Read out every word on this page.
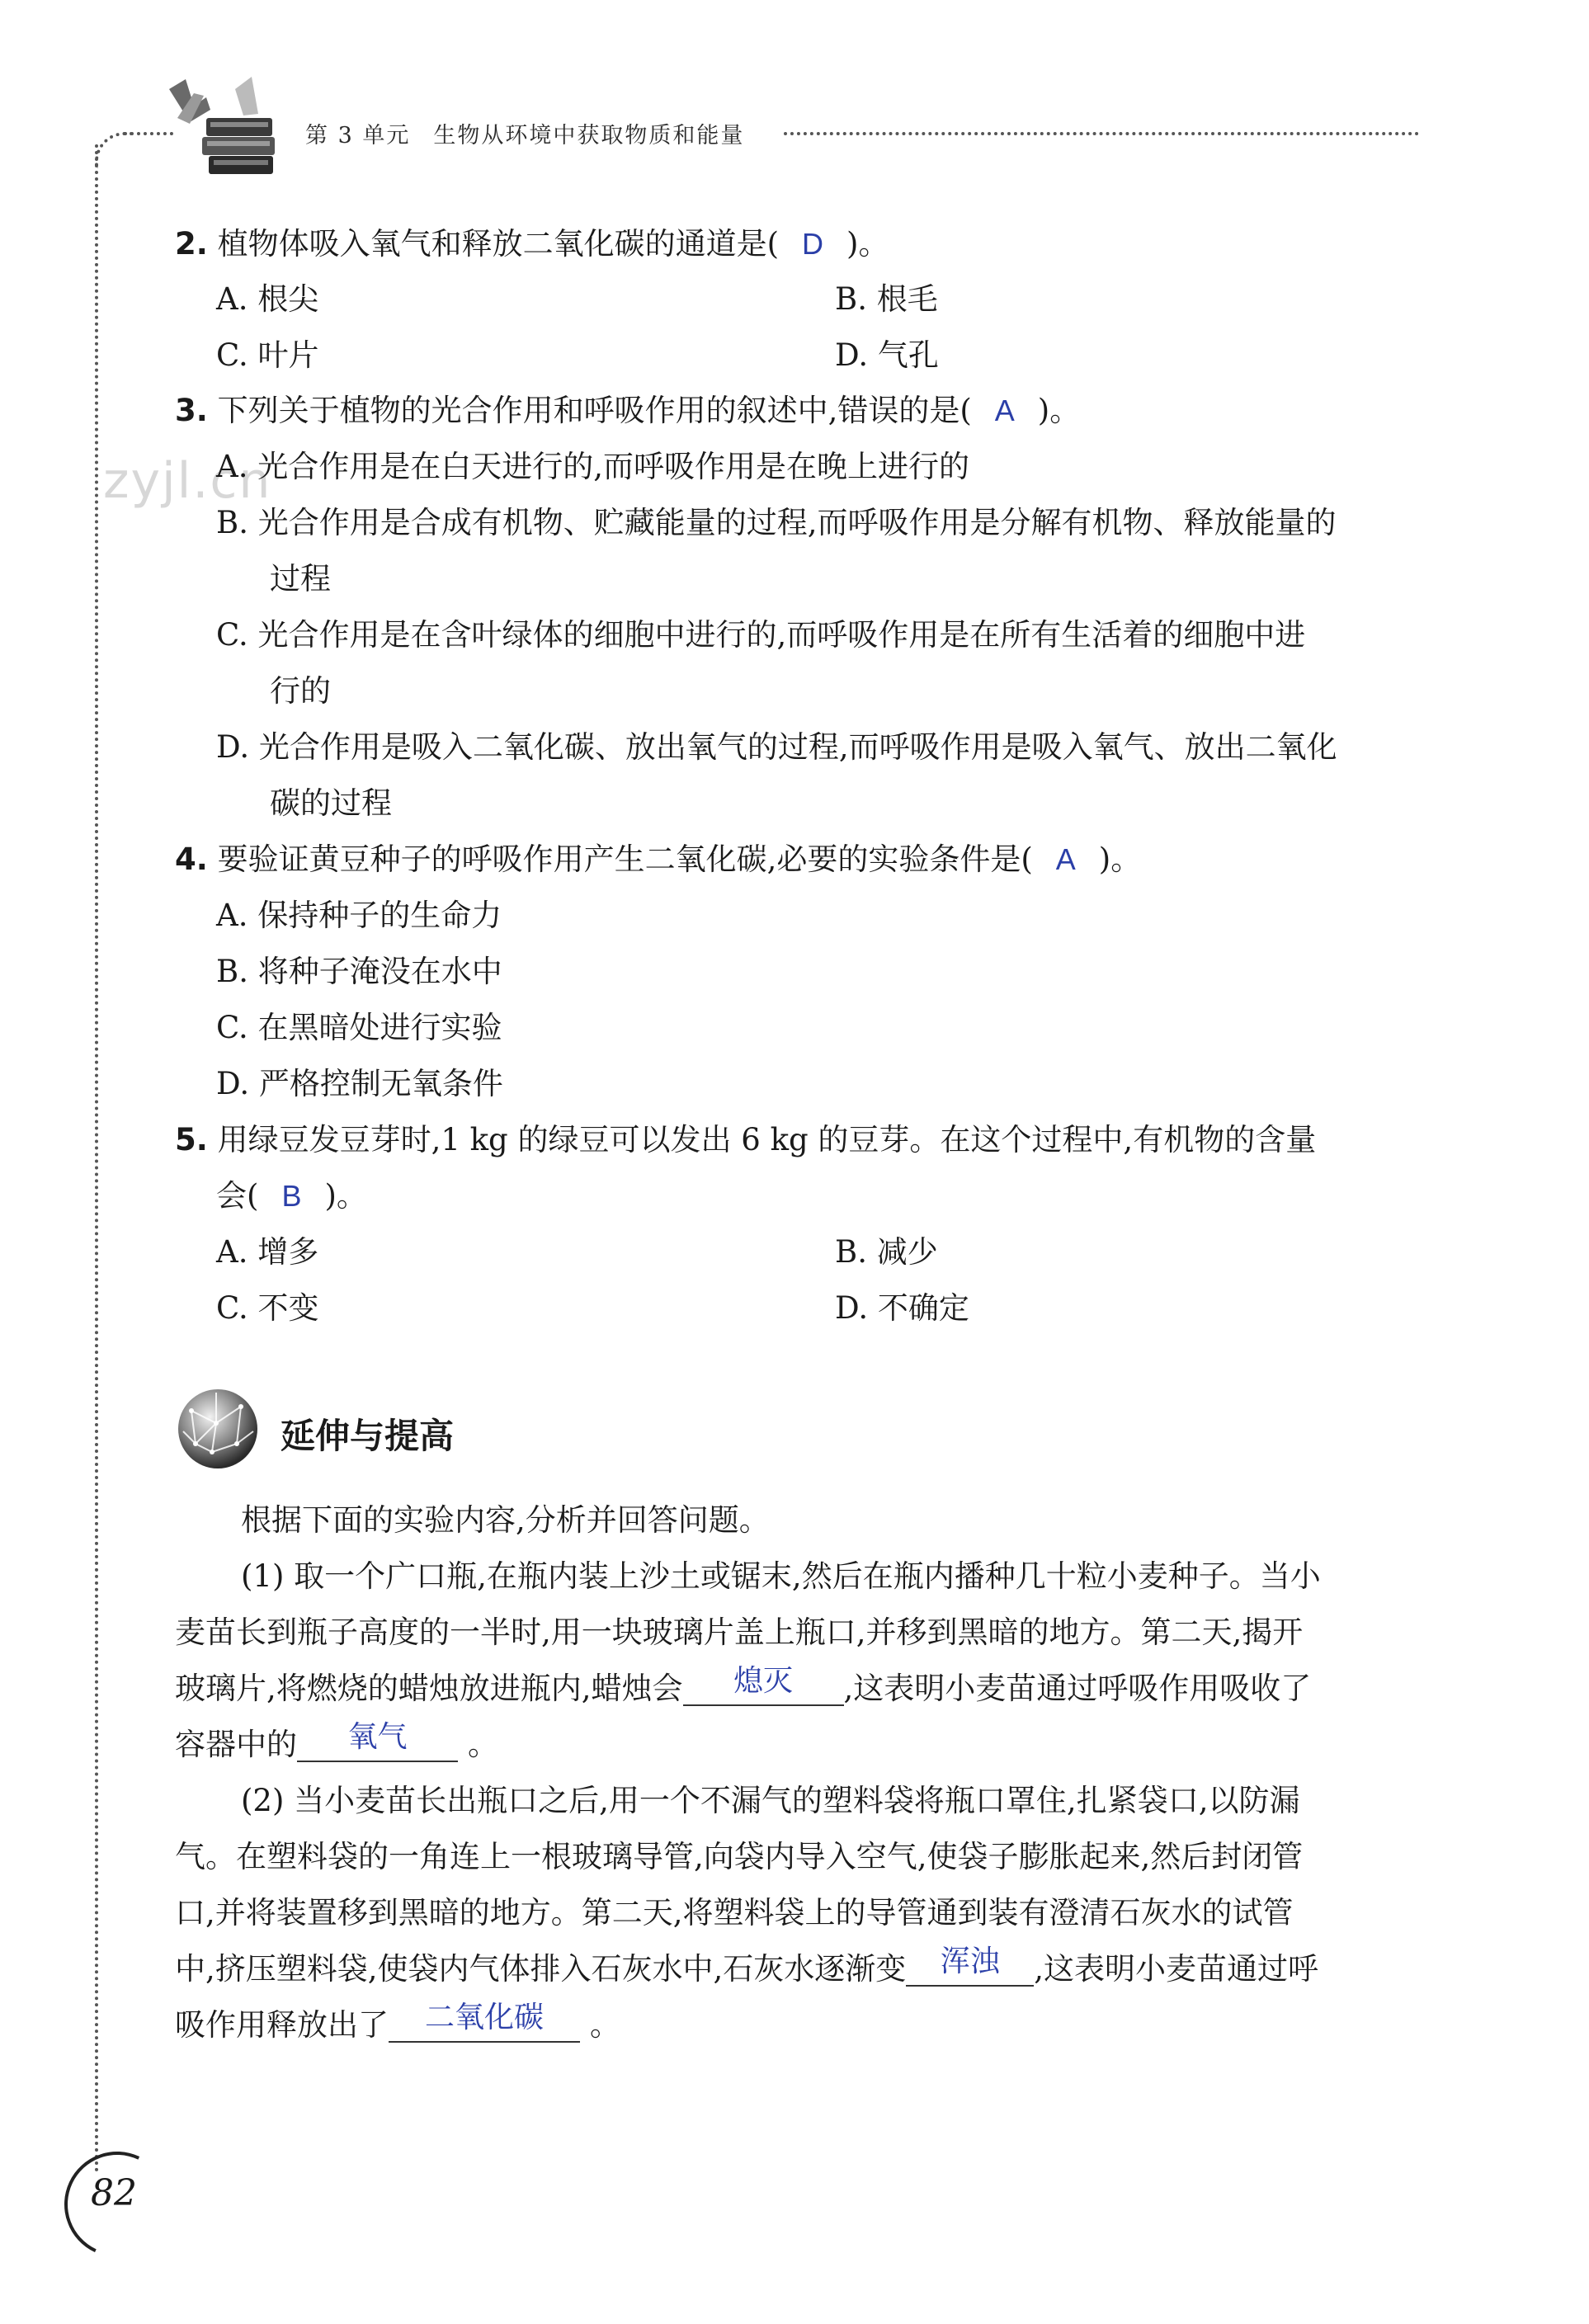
第 3 单元 生物从环境中获取物质和能量
zyjl.cn
2. 植物体吸入氧气和释放二氧化碳的通道是( D )。
A. 根尖	B. 根毛
C. 叶片	D. 气孔
3. 下列关于植物的光合作用和呼吸作用的叙述中,错误的是( A )。
A. 光合作用是在白天进行的,而呼吸作用是在晚上进行的
B. 光合作用是合成有机物、贮藏能量的过程,而呼吸作用是分解有机物、释放能量的
过程
C. 光合作用是在含叶绿体的细胞中进行的,而呼吸作用是在所有生活着的细胞中进
行的
D. 光合作用是吸入二氧化碳、放出氧气的过程,而呼吸作用是吸入氧气、放出二氧化
碳的过程
4. 要验证黄豆种子的呼吸作用产生二氧化碳,必要的实验条件是( A )。
A. 保持种子的生命力
B. 将种子淹没在水中
C. 在黑暗处进行实验
D. 严格控制无氧条件
5. 用绿豆发豆芽时,1 kg 的绿豆可以发出 6 kg 的豆芽。在这个过程中,有机物的含量
会( B )。
A. 增多	B. 减少
C. 不变	D. 不确定
延伸与提高
根据下面的实验内容,分析并回答问题。
(1) 取一个广口瓶,在瓶内装上沙土或锯末,然后在瓶内播种几十粒小麦种子。当小
麦苗长到瓶子高度的一半时,用一块玻璃片盖上瓶口,并移到黑暗的地方。第二天,揭开
玻璃片,将燃烧的蜡烛放进瓶内,蜡烛会 熄灭 ,这表明小麦苗通过呼吸作用吸收了
容器中的 氧气 。
(2) 当小麦苗长出瓶口之后,用一个不漏气的塑料袋将瓶口罩住,扎紧袋口,以防漏
气。在塑料袋的一角连上一根玻璃导管,向袋内导入空气,使袋子膨胀起来,然后封闭管
口,并将装置移到黑暗的地方。第二天,将塑料袋上的导管通到装有澄清石灰水的试管
中,挤压塑料袋,使袋内气体排入石灰水中,石灰水逐渐变 浑浊 ,这表明小麦苗通过呼
吸作用释放出了 二氧化碳 。
82
